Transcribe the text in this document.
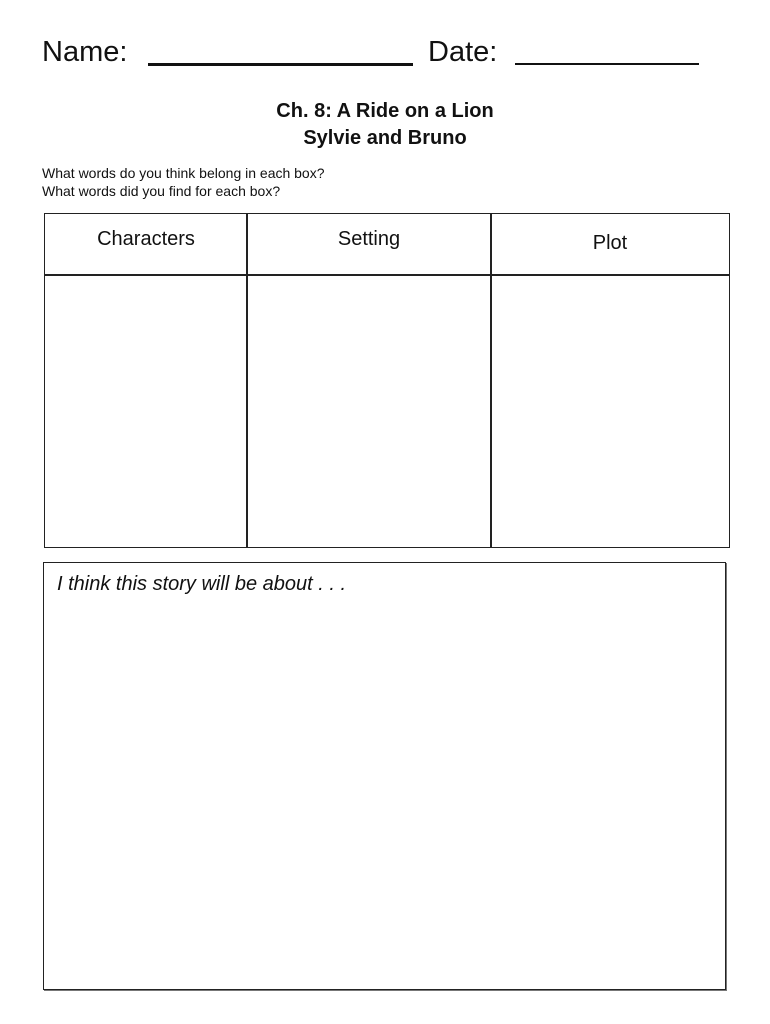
Name:	Date:
Ch. 8: A Ride on a Lion
Sylvie and Bruno
What words do you think belong in each box?
What words did you find for each box?
Characters	Setting	Plot
I think this story will be about . . .
